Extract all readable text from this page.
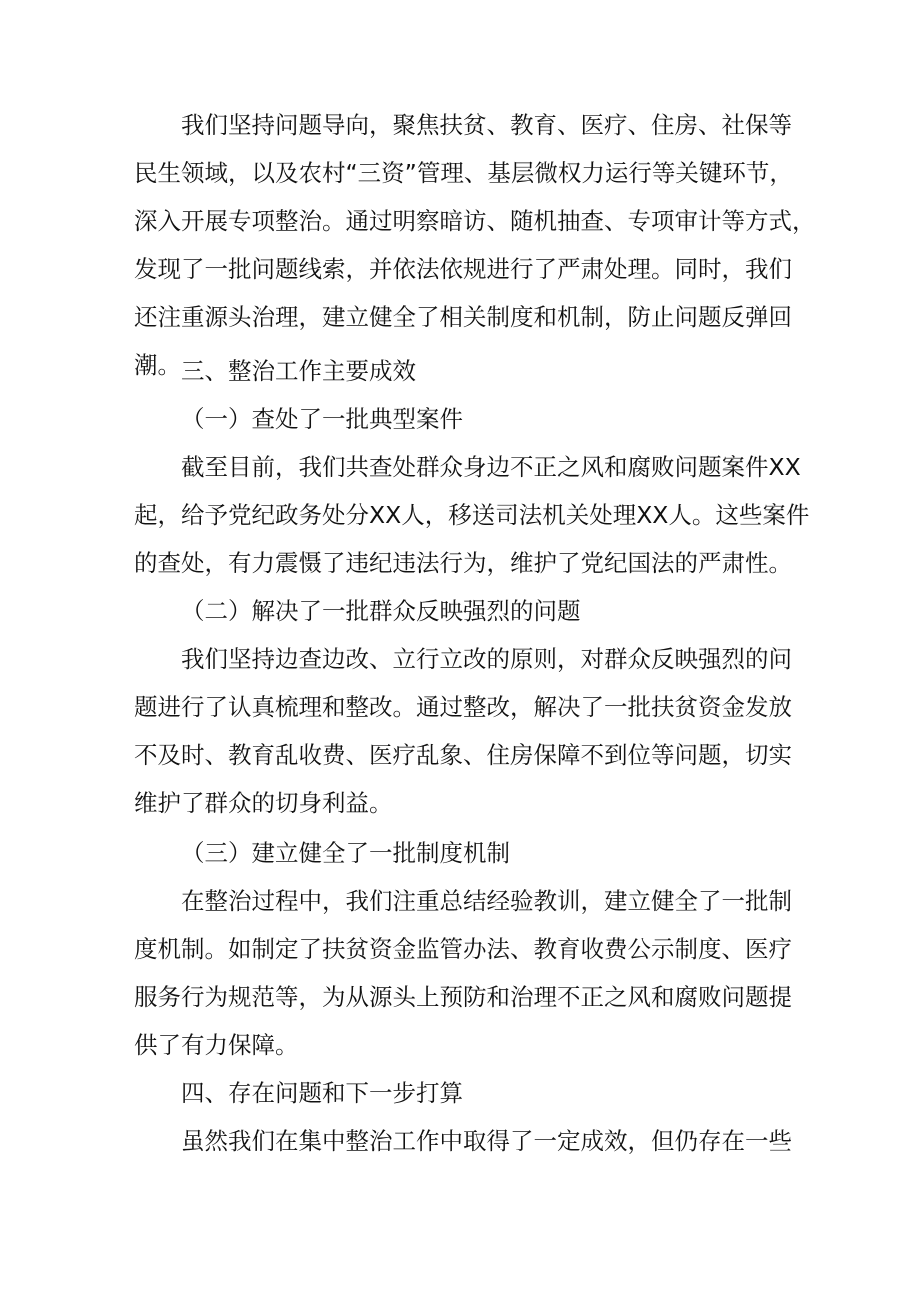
　　我们坚持问题导向，聚焦扶贫、教育、医疗、住房、社保等
民生领域，以及农村“三资”管理、基层微权力运行等关键环节，
深入开展专项整治。通过明察暗访、随机抽查、专项审计等方式，
发现了一批问题线索，并依法依规进行了严肃处理。同时，我们
还注重源头治理，建立健全了相关制度和机制，防止问题反弹回
潮。 三、整治工作主要成效

（一）查处了一批典型案件

　　截至目前，我们共查处群众身边不正之风和腐败问题案件XX
起，给予党纪政务处分XX人，移送司法机关处理XX人。这些案件
的查处，有力震慑了违纪违法行为，维护了党纪国法的严肃性。

（二）解决了一批群众反映强烈的问题

　　我们坚持边查边改、立行立改的原则，对群众反映强烈的问
题进行了认真梳理和整改。通过整改，解决了一批扶贫资金发放
不及时、教育乱收费、医疗乱象、住房保障不到位等问题，切实
维护了群众的切身利益。

（三）建立健全了一批制度机制

　　在整治过程中，我们注重总结经验教训，建立健全了一批制
度机制。如制定了扶贫资金监管办法、教育收费公示制度、医疗
服务行为规范等，为从源头上预防和治理不正之风和腐败问题提
供了有力保障。

四、存在问题和下一步打算

　　虽然我们在集中整治工作中取得了一定成效，但仍存在一些
